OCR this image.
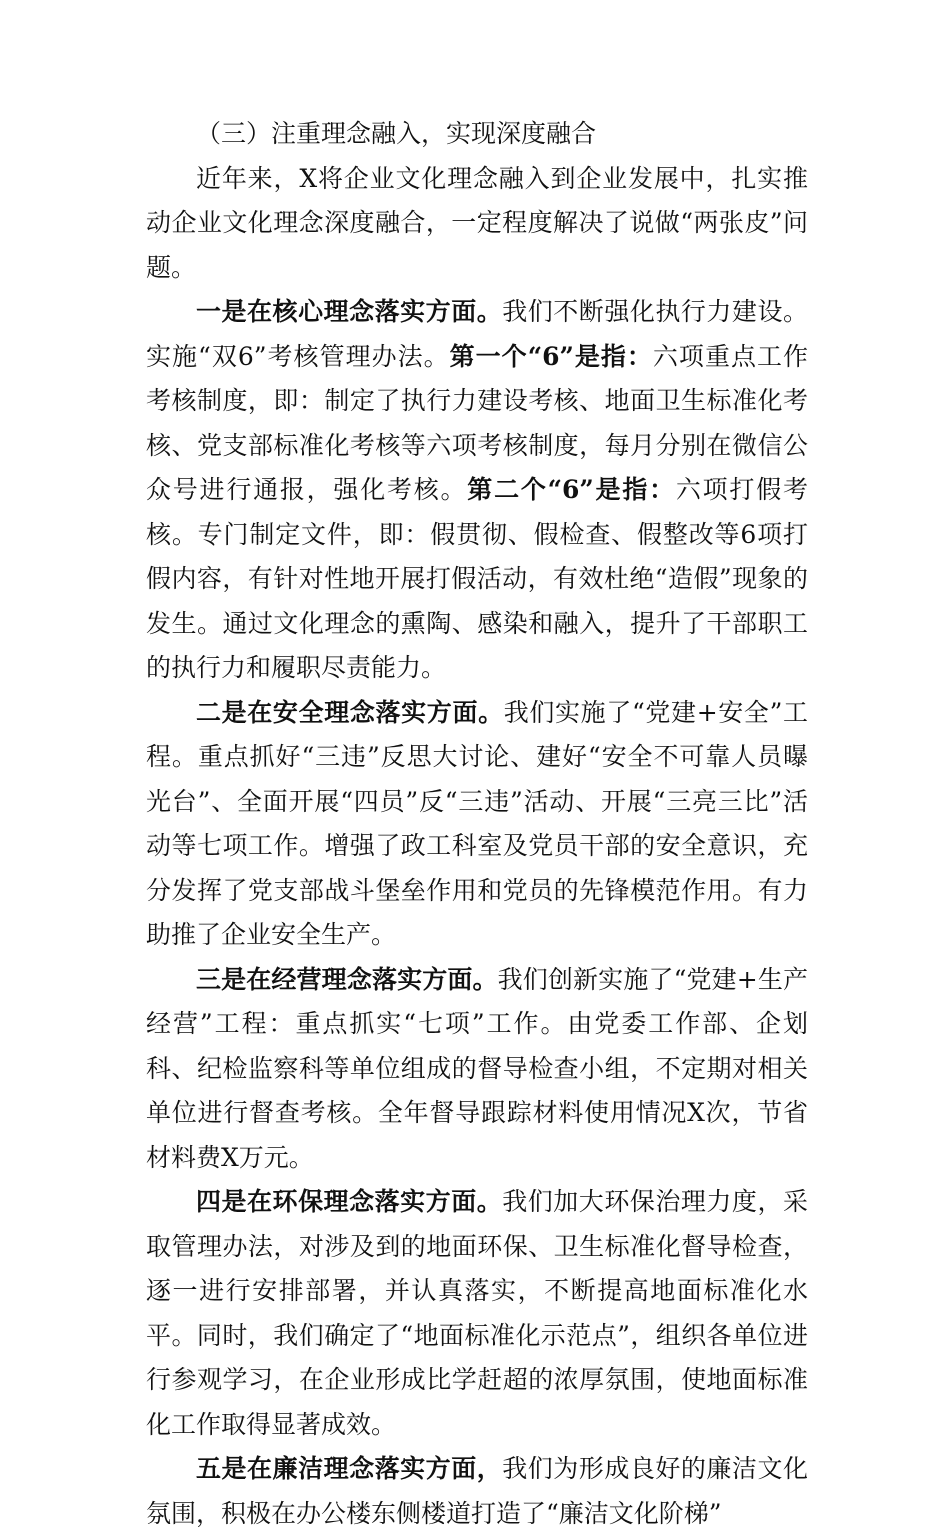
（三）注重理念融入，实现深度融合

近年来，X将企业文化理念融入到企业发展中，扎实推动企业文化理念深度融合，一定程度解决了说做“两张皮”问题。

一是在核心理念落实方面。我们不断强化执行力建设。实施“双6”考核管理办法。第一个“6”是指：六项重点工作考核制度，即：制定了执行力建设考核、地面卫生标准化考核、党支部标准化考核等六项考核制度，每月分别在微信公众号进行通报，强化考核。第二个“6”是指：六项打假考核。专门制定文件，即：假贯彻、假检查、假整改等6项打假内容，有针对性地开展打假活动，有效杜绝“造假”现象的发生。通过文化理念的熏陶、感染和融入，提升了干部职工的执行力和履职尽责能力。

二是在安全理念落实方面。我们实施了“党建+安全”工程。重点抓好“三违”反思大讨论、建好“安全不可靠人员曝光台”、全面开展“四员”反“三违”活动、开展“三亮三比”活动等七项工作。增强了政工科室及党员干部的安全意识，充分发挥了党支部战斗堡垒作用和党员的先锋模范作用。有力助推了企业安全生产。

三是在经营理念落实方面。我们创新实施了“党建+生产经营”工程：重点抓实“七项”工作。由党委工作部、企划科、纪检监察科等单位组成的督导检查小组，不定期对相关单位进行督查考核。全年督导跟踪材料使用情况X次，节省材料费X万元。

四是在环保理念落实方面。我们加大环保治理力度，采取管理办法，对涉及到的地面环保、卫生标准化督导检查，逐一进行安排部署，并认真落实，不断提高地面标准化水平。同时，我们确定了“地面标准化示范点”，组织各单位进行参观学习，在企业形成比学赶超的浓厚氛围，使地面标准化工作取得显著成效。

五是在廉洁理念落实方面，我们为形成良好的廉洁文化氛围，积极在办公楼东侧楼道打造了“廉洁文化阶梯”
